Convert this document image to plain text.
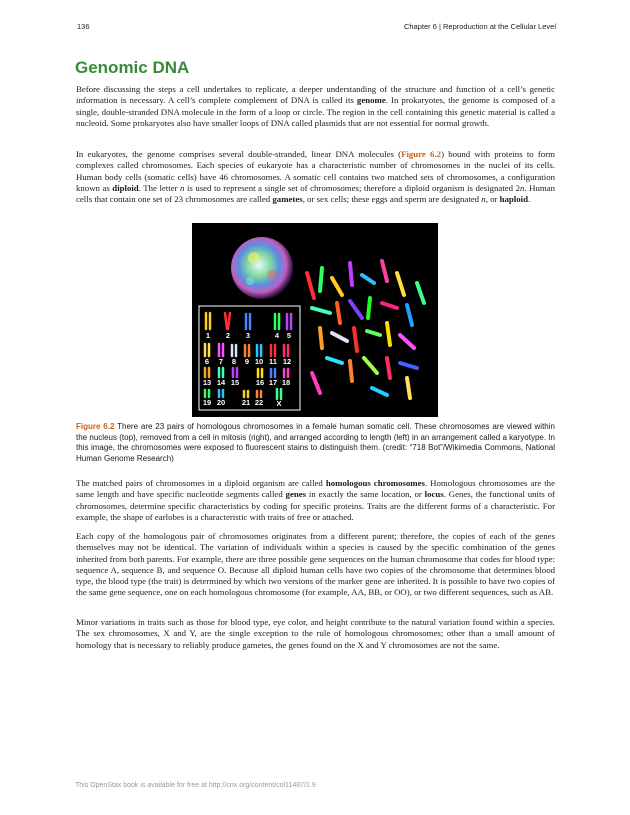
136	Chapter 6 | Reproduction at the Cellular Level
Genomic DNA

Before discussing the steps a cell undertakes to replicate, a deeper understanding of the structure and function of a cell’s genetic information is necessary. A cell’s complete complement of DNA is called its genome. In prokaryotes, the genome is composed of a single, double-stranded DNA molecule in the form of a loop or circle. The region in the cell containing this genetic material is called a nucleoid. Some prokaryotes also have smaller loops of DNA called plasmids that are not essential for normal growth.

In eukaryotes, the genome comprises several double-stranded, linear DNA molecules (Figure 6.2) bound with proteins to form complexes called chromosomes. Each species of eukaryote has a characteristic number of chromosomes in the nuclei of its cells. Human body cells (somatic cells) have 46 chromosomes. A somatic cell contains two matched sets of chromosomes, a configuration known as diploid. The letter n is used to represent a single set of chromosomes; therefore a diploid organism is designated 2n. Human cells that contain one set of 23 chromosomes are called gametes, or sex cells; these eggs and sperm are designated n, or haploid.

1 2 3	4 5
6 7 8 9 10 11 12
13 14 15 16 17 18
19 20 21 22 X

Figure 6.2 There are 23 pairs of homologous chromosomes in a female human somatic cell. These chromosomes are viewed within the nucleus (top), removed from a cell in mitosis (right), and arranged according to length (left) in an arrangement called a karyotype. In this image, the chromosomes were exposed to fluorescent stains to distinguish them. (credit: “718 Bot”/Wikimedia Commons, National Human Genome Research)

The matched pairs of chromosomes in a diploid organism are called homologous chromosomes. Homologous chromosomes are the same length and have specific nucleotide segments called genes in exactly the same location, or locus. Genes, the functional units of chromosomes, determine specific characteristics by coding for specific proteins. Traits are the different forms of a characteristic. For example, the shape of earlobes is a characteristic with traits of free or attached.

Each copy of the homologous pair of chromosomes originates from a different parent; therefore, the copies of each of the genes themselves may not be identical. The variation of individuals within a species is caused by the specific combination of the genes inherited from both parents. For example, there are three possible gene sequences on the human chromosome that codes for blood type: sequence A, sequence B, and sequence O. Because all diploid human cells have two copies of the chromosome that determines blood type, the blood type (the trait) is determined by which two versions of the marker gene are inherited. It is possible to have two copies of the same gene sequence, one on each homologous chromosome (for example, AA, BB, or OO), or two different sequences, such as AB.

Minor variations in traits such as those for blood type, eye color, and height contribute to the natural variation found within a species. The sex chromosomes, X and Y, are the single exception to the rule of homologous chromosomes; other than a small amount of homology that is necessary to reliably produce gametes, the genes found on the X and Y chromosomes are not the same.

This OpenStax book is available for free at http://cnx.org/content/col11487/1.9
